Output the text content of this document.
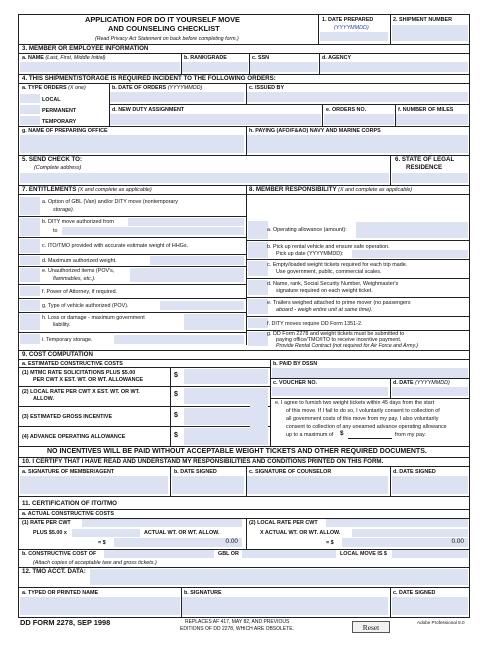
APPLICATION FOR DO IT YOURSELF MOVE
AND COUNSELING CHECKLIST
(Read Privacy Act Statement on back before completing form.)
1. DATE PREPARED
(YYYYMMDD)
2. SHIPMENT NUMBER
3. MEMBER OR EMPLOYEE INFORMATION
a. NAME (Last, First, Middle Initial)	b. RANK/GRADE	c. SSN	d. AGENCY
4. THIS SHIPMENT/STORAGE IS REQUIRED INCIDENT TO THE FOLLOWING ORDERS:
a. TYPE ORDERS (X one)
LOCAL
PERMANENT
TEMPORARY
b. DATE OF ORDERS (YYYYMMDD)	c. ISSUED BY
d. NEW DUTY ASSIGNMENT	e. ORDERS NO.	f. NUMBER OF MILES
g. NAME OF PREPARING OFFICE	h. PAYING (AFO/F&AO) NAVY AND MARINE CORPS
5. SEND CHECK TO:
(Complete address)
6. STATE OF LEGAL
RESIDENCE
7. ENTITLEMENTS (X and complete as applicable)	8. MEMBER RESPONSIBILITY (X and complete as applicable)
a. Option of GBL (Van) and/or DITY move (nontemporary
storage).
b. DITY move authorized from
to
c. ITO/TMO provided with accurate estimate weight of HHGs.
d. Maximum authorized weight.
e. Unauthorized items (POV's,
flammables, etc.).
f. Power of Attorney, if required.
g. Type of vehicle authorized (POV).
h. Loss or damage - maximum government
liability.
i. Temporary storage.
a. Operating allowance (amount):
b. Pick up rental vehicle and ensure safe operation.
Pick up date (YYYYMMDD):
c. Empty/loaded weight tickets required for each trip made.
Use government, public, commercial scales.
d. Name, rank, Social Security Number, Weighmaster's
signature required on each weight ticket.
e. Trailers weighed attached to prime mover (no passengers
aboard - weigh entire unit at same time).
f. DITY moves require DD Form 1351-2.
g. DD Form 2278 and weight tickets must be submitted to
paying office/TMO/ITO to receive incentive payment.
Provide Rental Contract (not required for Air Force and Army.)
9. COST COMPUTATION
a. ESTIMATED CONSTRUCTIVE COSTS	b. PAID BY DSSN
(1) MTMC RATE SOLICITATIONS PLUS $5.00
PER CWT X EST. WT. OR WT. ALLOWANCE
$
c. VOUCHER NO.	d. DATE (YYYYMMDD)
(2) LOCAL RATE PER CWT X EST. WT. OR WT.
ALLOW.
$
(3) ESTIMATED GROSS INCENTIVE	$
(4) ADVANCE OPERATING ALLOWANCE	$
e. I agree to furnish two weight tickets within 45 days from the start
of this move. If I fail to do so, I voluntarily consent to collection of
all government costs of this move from my pay. I also voluntarily
consent to collection of any unearned advance operating allowance
up to a maximum of $	from my pay.
NO INCENTIVES WILL BE PAID WITHOUT ACCEPTABLE WEIGHT TICKETS AND OTHER REQUIRED DOCUMENTS.
10. I CERTIFY THAT I HAVE READ AND UNDERSTAND MY RESPONSIBILITIES AND CONDITIONS PRINTED ON THIS FORM.
a. SIGNATURE OF MEMBER/AGENT	b. DATE SIGNED	c. SIGNATURE OF COUNSELOR	d. DATE SIGNED
11. CERTIFICATION OF ITO/TMO
a. ACTUAL CONSTRUCTIVE COSTS
(1) RATE PER CWT
PLUS $5.00 x	ACTUAL WT. OR WT. ALLOW.
= $	0.00
(2) LOCAL RATE PER CWT
X ACTUAL WT. OR WT. ALLOW.
= $	0.00
b. CONSTRUCTIVE COST OF	GBL OR	LOCAL MOVE IS $
(Attach copies of acceptable tare and gross tickets.)
12. TMO ACCT. DATA:
a. TYPED OR PRINTED NAME	b. SIGNATURE	c. DATE SIGNED
DD FORM 2278, SEP 1998	REPLACES AF 417, MAY 82, AND PREVIOUS
EDITIONS OF DD 2278, WHICH ARE OBSOLETE.	Reset
Adobe Professional 8.0
